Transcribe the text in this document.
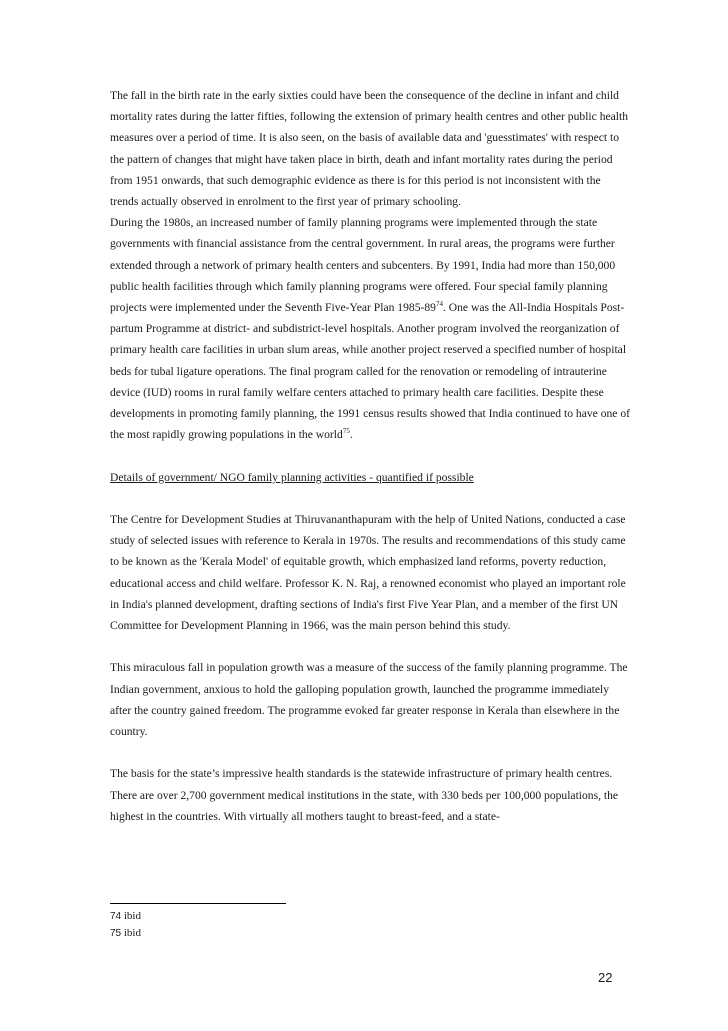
The fall in the birth rate in the early sixties could have been the consequence of the decline in infant and child mortality rates during the latter fifties, following the extension of primary health centres and other public health measures over a period of time. It is also seen, on the basis of available data and 'guesstimates' with respect to the pattern of changes that might have taken place in birth, death and infant mortality rates during the period from 1951 onwards, that such demographic evidence as there is for this period is not inconsistent with the trends actually observed in enrolment to the first year of primary schooling.

During the 1980s, an increased number of family planning programs were implemented through the state governments with financial assistance from the central government. In rural areas, the programs were further extended through a network of primary health centers and subcenters. By 1991, India had more than 150,000 public health facilities through which family planning programs were offered. Four special family planning projects were implemented under the Seventh Five-Year Plan $1985-89^{74}$. One was the All-India Hospitals Post-partum Programme at district- and subdistrict-level hospitals. Another program involved the reorganization of primary health care facilities in urban slum areas, while another project reserved a specified number of hospital beds for tubal ligature operations. The final program called for the renovation or remodeling of intrauterine device (IUD) rooms in rural family welfare centers attached to primary health care facilities. Despite these developments in promoting family planning, the 1991 census results showed that India continued to have one of the most rapidly growing populations in the world$^{75}$.

Details of government/ NGO family planning activities - quantified if possible

The Centre for Development Studies at Thiruvananthapuram with the help of United Nations, conducted a case study of selected issues with reference to Kerala in 1970s. The results and recommendations of this study came to be known as the 'Kerala Model' of equitable growth, which emphasized land reforms, poverty reduction, educational access and child welfare. Professor K. N. Raj, a renowned economist who played an important role in India's planned development, drafting sections of India's first Five Year Plan, and a member of the first UN Committee for Development Planning in 1966, was the main person behind this study.

This miraculous fall in population growth was a measure of the success of the family planning programme. The Indian government, anxious to hold the galloping population growth, launched the programme immediately after the country gained freedom. The programme evoked far greater response in Kerala than elsewhere in the country.

The basis for the state’s impressive health standards is the statewide infrastructure of primary health centres. There are over 2,700 government medical institutions in the state, with 330 beds per 100,000 populations, the highest in the countries. With virtually all mothers taught to breast-feed, and a state-

74 ibid
75 ibid
22
